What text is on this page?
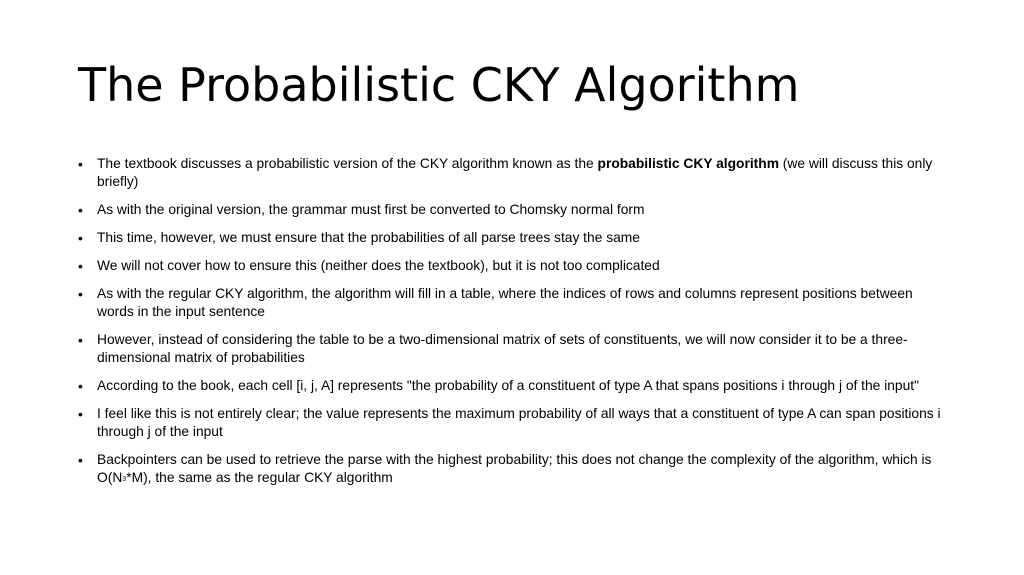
The Probabilistic CKY Algorithm
•	The textbook discusses a probabilistic version of the CKY algorithm known as the probabilistic CKY algorithm (we will discuss this only briefly)
•	As with the original version, the grammar must first be converted to Chomsky normal form
•	This time, however, we must ensure that the probabilities of all parse trees stay the same
•	We will not cover how to ensure this (neither does the textbook), but it is not too complicated
•	As with the regular CKY algorithm, the algorithm will fill in a table, where the indices of rows and columns represent positions between words in the input sentence
•	However, instead of considering the table to be a two-dimensional matrix of sets of constituents, we will now consider it to be a three-dimensional matrix of probabilities
•	According to the book, each cell [i, j, A] represents "the probability of a constituent of type A that spans positions i through j of the input"
•	I feel like this is not entirely clear; the value represents the maximum probability of all ways that a constituent of type A can span positions i through j of the input
•	Backpointers can be used to retrieve the parse with the highest probability; this does not change the complexity of the algorithm, which is $O(N^3*M)$, the same as the regular CKY algorithm
